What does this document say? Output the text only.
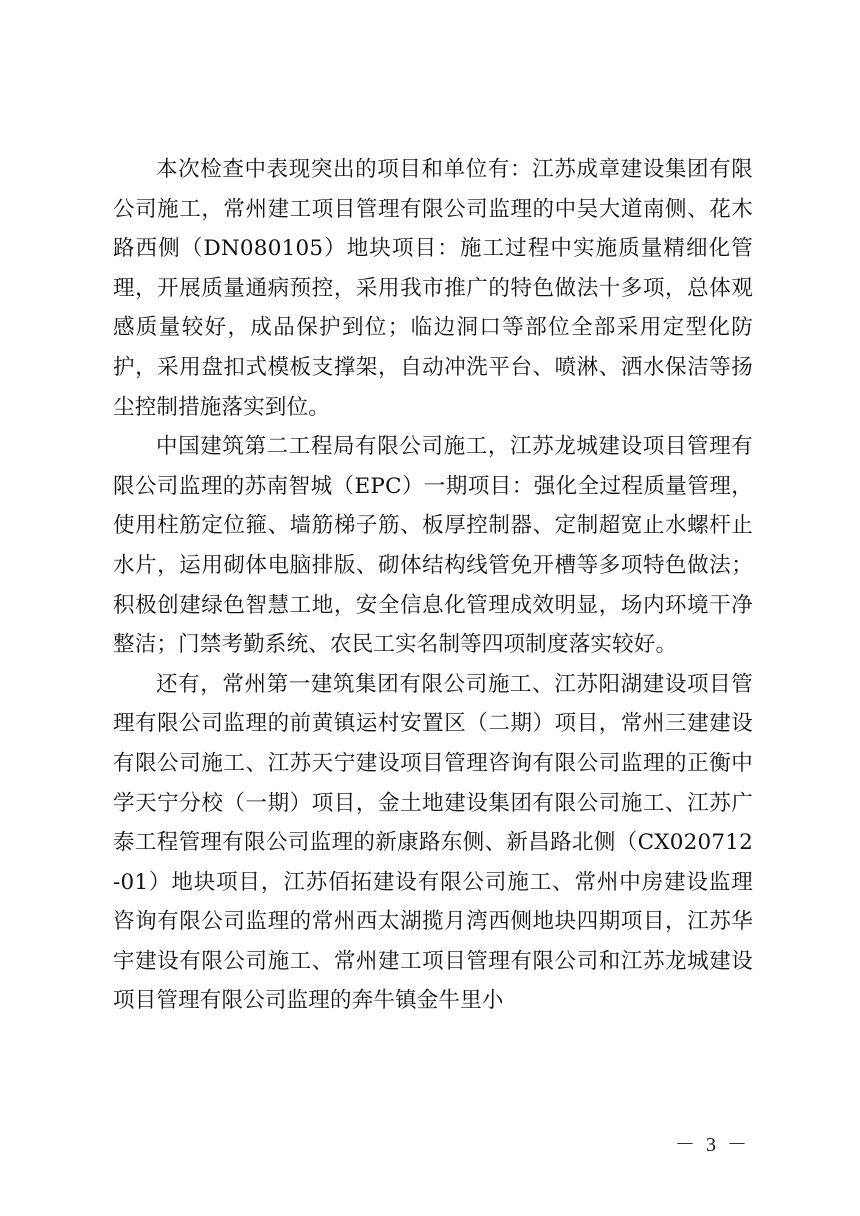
本次检查中表现突出的项目和单位有：江苏成章建设集团有限公司施工，常州建工项目管理有限公司监理的中吴大道南侧、花木路西侧（DN080105）地块项目：施工过程中实施质量精细化管理，开展质量通病预控，采用我市推广的特色做法十多项，总体观感质量较好，成品保护到位；临边洞口等部位全部采用定型化防护，采用盘扣式模板支撑架，自动冲洗平台、喷淋、洒水保洁等扬尘控制措施落实到位。

中国建筑第二工程局有限公司施工，江苏龙城建设项目管理有限公司监理的苏南智城（EPC）一期项目：强化全过程质量管理，使用柱筋定位箍、墙筋梯子筋、板厚控制器、定制超宽止水螺杆止水片，运用砌体电脑排版、砌体结构线管免开槽等多项特色做法；积极创建绿色智慧工地，安全信息化管理成效明显，场内环境干净整洁；门禁考勤系统、农民工实名制等四项制度落实较好。

还有，常州第一建筑集团有限公司施工、江苏阳湖建设项目管理有限公司监理的前黄镇运村安置区（二期）项目，常州三建建设有限公司施工、江苏天宁建设项目管理咨询有限公司监理的正衡中学天宁分校（一期）项目，金土地建设集团有限公司施工、江苏广泰工程管理有限公司监理的新康路东侧、新昌路北侧（CX020712-01）地块项目，江苏佰拓建设有限公司施工、常州中房建设监理咨询有限公司监理的常州西太湖揽月湾西侧地块四期项目，江苏华宇建设有限公司施工、常州建工项目管理有限公司和江苏龙城建设项目管理有限公司监理的奔牛镇金牛里小

－ 3 －
